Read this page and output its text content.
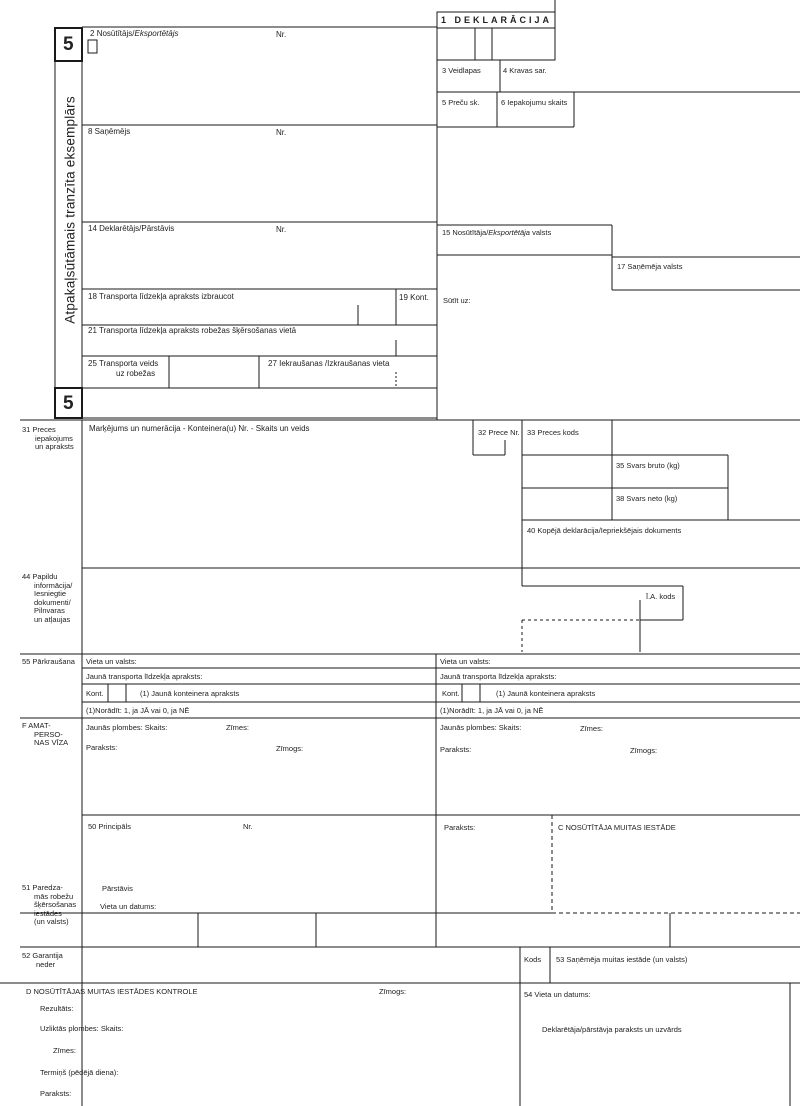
5
5
Atpakaļsūtāmais tranzīta eksemplārs
2 Nosūtītājs/Eksportētājs	Nr.
8 Saņēmējs	Nr.
14 Deklarētājs/Pārstāvis	Nr.
18 Transporta līdzekļa apraksts izbraucot	19 Kont.
21 Transporta līdzekļa apraksts robežas šķērsošanas vietā
25 Transporta veids
uz robežas
27 Iekraušanas /Izkraušanas vieta
1 DEKLARĀCIJA
3 Veidlapas	4 Kravas sar.
5 Preču sk.	6 Iepakojumu skaits
15 Nosūtītāja/Eksportētāja valsts
17 Saņēmēja valsts
Sūtīt uz:
31 Preces
iepakojums
un apraksts
Marķējums un numerācija - Konteinera(u) Nr. - Skaits un veids	32 Prece Nr. 33 Preces kods
35 Svars bruto (kg)
38 Svars neto (kg)
40 Kopējā deklarācija/Iepriekšējais dokuments
44 Papildu
informācija/
Iesniegtie
dokumenti/
Pilnvaras
un atļaujas
Ī.A. kods
55 Pārkraušana Vieta un valsts:	Vieta un valsts:
Jaunā transporta līdzekļa apraksts:	Jaunā transporta līdzekļa apraksts:
Kont.	(1) Jaunā konteinera apraksts	Kont.	(1) Jaunā konteinera apraksts
(1)Norādīt: 1, ja JĀ vai 0, ja NĒ	(1)Norādīt: 1, ja JĀ vai 0, ja NĒ
F AMAT-
PERSO-
NAS VĪZA
Jaunās plombes: Skaits:	Zīmes:
Paraksts:	Zīmogs:
Jaunās plombes: Skaits:	Zīmes:
Paraksts:	Zīmogs:
50 Principāls	Nr.	Paraksts:	C NOSŪTĪTĀJA MUITAS IESTĀDE
Pārstāvis
Vieta un datums:
51 Paredza-
mās robežu
šķērsošanas
iestādes
(un valsts)
52 Garantija
neder	Kods 53 Saņēmēja muitas iestāde (un valsts)
D NOSŪTĪTĀJAS MUITAS IESTĀDES KONTROLE	Zīmogs:
Rezultāts:
Uzliktās plombes: Skaits:
Zīmes:
Termiņš (pēdējā diena):
Paraksts:
54 Vieta un datums:
Deklarētāja/pārstāvja paraksts un uzvārds
